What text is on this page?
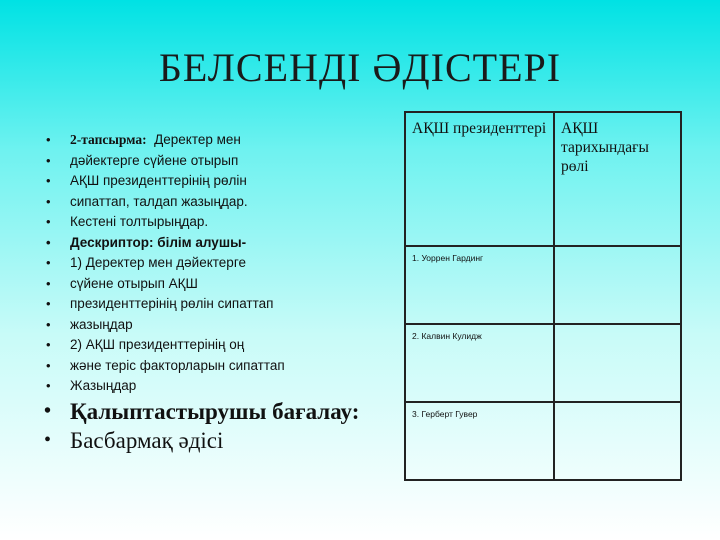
БЕЛСЕНДІ ӘДІСТЕРІ
• 2-тапсырма: Деректер мен
• дәйектерге сүйене отырып
• АҚШ президенттерінің рөлін
• сипаттап, талдап жазыңдар.
• Кестені толтырыңдар.
• Дескриптор: білім алушы-
• 1) Деректер мен дәйектерге
• сүйене отырып АҚШ
• президенттерінің рөлін сипаттап
• жазыңдар
• 2) АҚШ президенттерінің оң
• және теріс факторларын сипаттап
• Жазыңдар
• Қалыптастырушы бағалау:
• Басбармақ әдісі
АҚШ президенттері	АҚШ тарихындағы рөлі
1. Уоррен Гардинг	
2. Калвин Кулидж	
3. Герберт Гувер	
